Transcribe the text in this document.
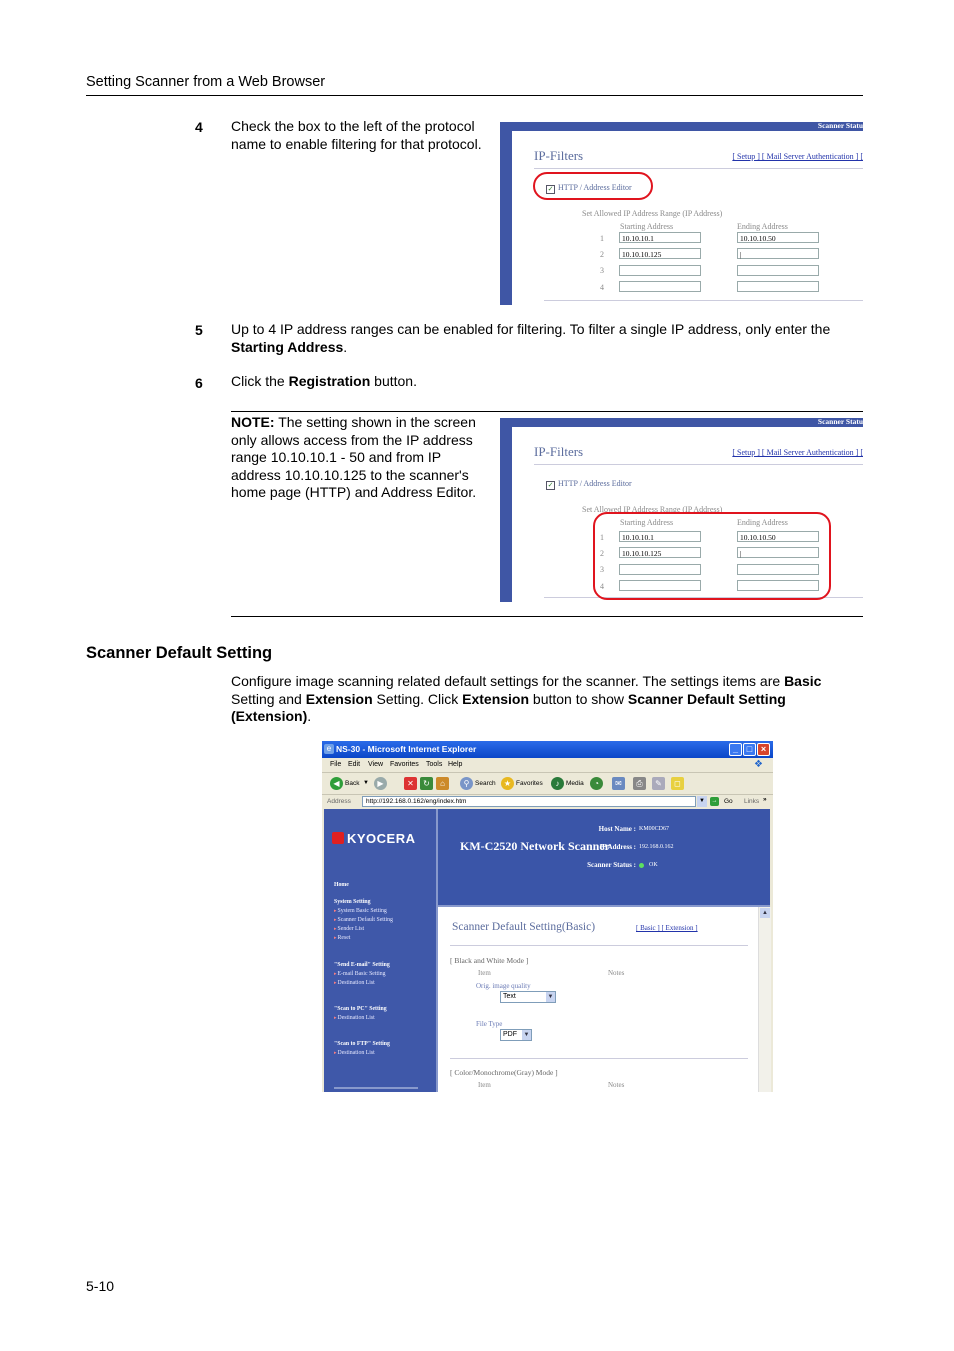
Setting Scanner from a Web Browser
4 Check the box to the left of the protocol name to enable filtering for that protocol.
Scanner Statu
IP-Filters	[ Setup ] [ Mail Server Authentication ] [
✓ HTTP / Address Editor
Set Allowed IP Address Range (IP Address)
Starting Address	Ending Address
1	10.10.10.1	10.10.10.50
2	10.10.10.125	|
3
4
5 Up to 4 IP address ranges can be enabled for filtering. To filter a single IP address, only enter the Starting Address.
6 Click the Registration button.
NOTE: The setting shown in the screen only allows access from the IP address range 10.10.10.1 - 50 and from IP address 10.10.10.125 to the scanner's home page (HTTP) and Address Editor.
Scanner Statu
IP-Filters	[ Setup ] [ Mail Server Authentication ] [
✓ HTTP / Address Editor
Set Allowed IP Address Range (IP Address)
Starting Address	Ending Address
1	10.10.10.1	10.10.10.50
2	10.10.10.125	|
3
4
Scanner Default Setting
Configure image scanning related default settings for the scanner. The settings items are Basic Setting and Extension Setting. Click Extension button to show Scanner Default Setting (Extension).
e NS-30 - Microsoft Internet Explorer	_ □ ×
File Edit View Favorites Tools Help	❖
◀ Back ▼	▶	✕	↻	⌂	⚲ Search	★ Favorites	♪	Media	◔	✉	⎙	✎	◻
Address	http://192.168.0.162/eng/index.htm	▼	→ Go Links »
KYOCERA
Home
System Setting
▸ System Basic Setting
▸ Scanner Default Setting
▸ Sender List
▸ Reset
"Send E-mail" Setting
▸ E-mail Basic Setting
▸ Destination List
"Scan to PC" Setting
▸ Destination List
"Scan to FTP" Setting
▸ Destination List
KM-C2520 Network Scanner
Host Name : KM00CD67
IP Address : 192.168.0.162
Scanner Status : OK
Scanner Default Setting(Basic)	[ Basic ] [ Extension ]
[ Black and White Mode ]
Item	Notes
Orig. image quality
Text	▼
File Type
PDF ▼
[ Color/Monochrome(Gray) Mode ]
Item	Notes
▲
5-10
